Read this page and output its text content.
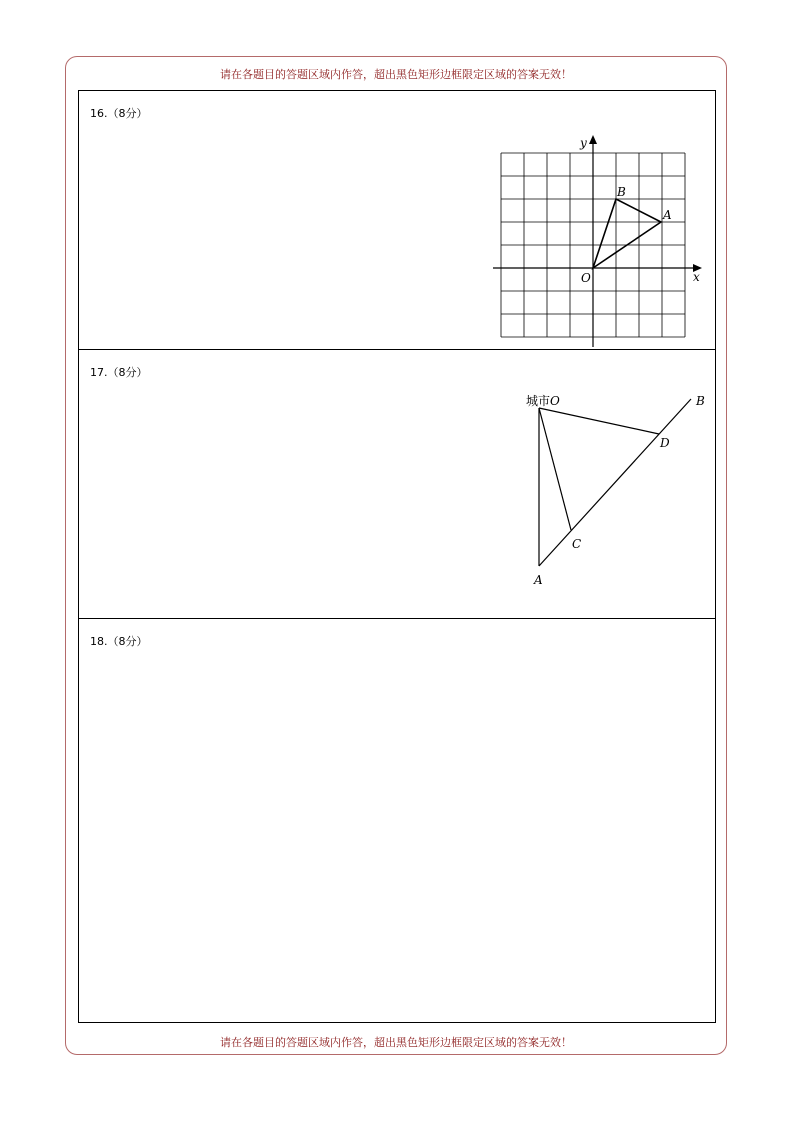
请在各题目的答题区域内作答，超出黑色矩形边框限定区域的答案无效！
16.（8分）
y
x
O
A
B
17.（8分）
城市O	B
D
C
A
18.（8分）
请在各题目的答题区域内作答，超出黑色矩形边框限定区域的答案无效！
